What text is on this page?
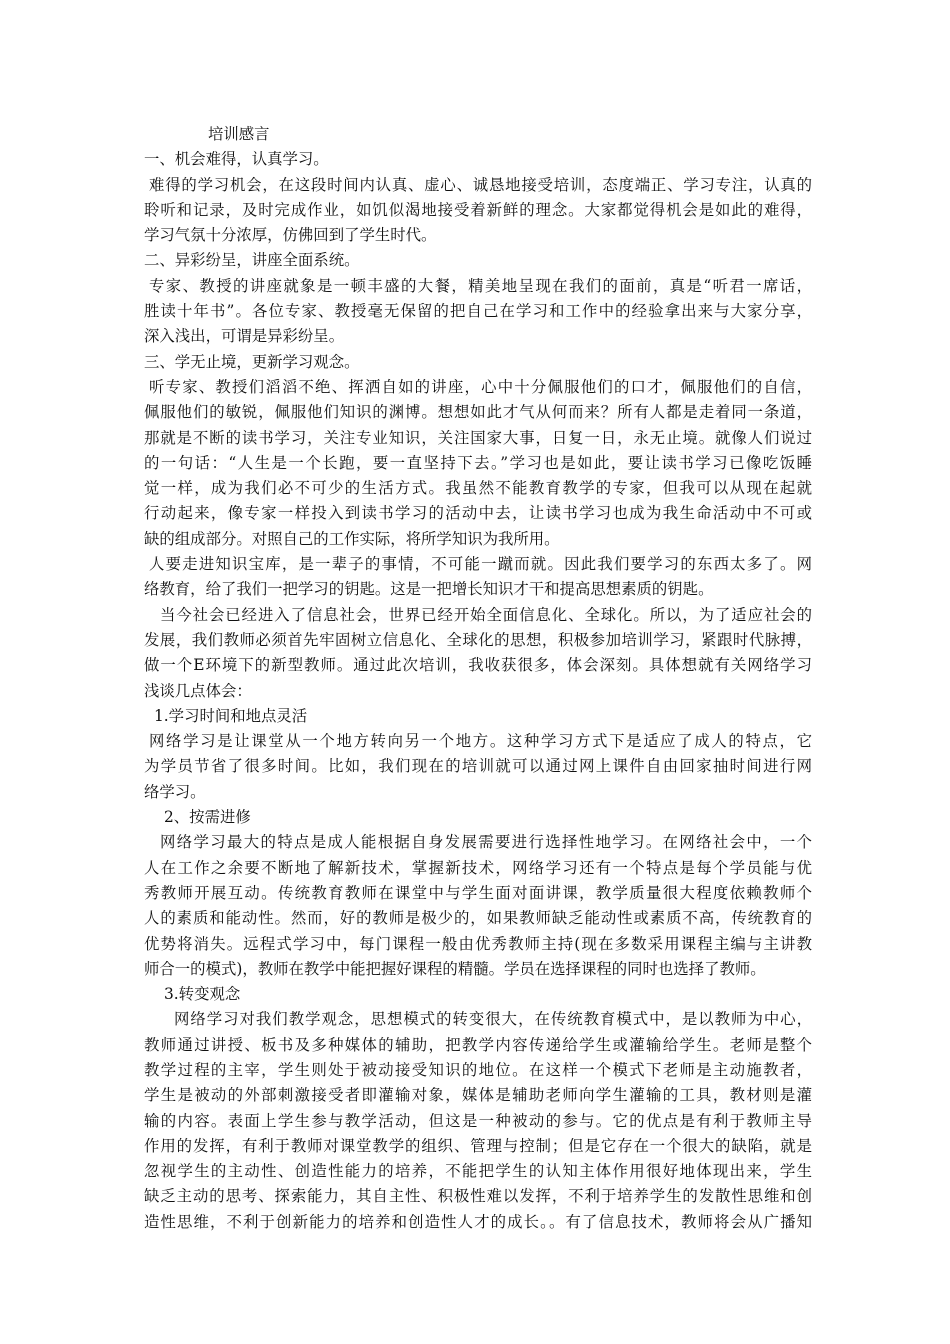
培训感言
一、机会难得，认真学习。
难得的学习机会，在这段时间内认真、虚心、诚恳地接受培训，态度端正、学习专注，认真的
聆听和记录，及时完成作业，如饥似渴地接受着新鲜的理念。大家都觉得机会是如此的难得，
学习气氛十分浓厚，仿佛回到了学生时代。
二、异彩纷呈，讲座全面系统。
专家、教授的讲座就象是一顿丰盛的大餐，精美地呈现在我们的面前，真是“听君一席话，
胜读十年书”。各位专家、教授毫无保留的把自己在学习和工作中的经验拿出来与大家分享，
深入浅出，可谓是异彩纷呈。
三、学无止境，更新学习观念。
听专家、教授们滔滔不绝、挥洒自如的讲座，心中十分佩服他们的口才，佩服他们的自信，
佩服他们的敏锐，佩服他们知识的渊博。想想如此才气从何而来？所有人都是走着同一条道，
那就是不断的读书学习，关注专业知识，关注国家大事，日复一日，永无止境。就像人们说过
的一句话：“人生是一个长跑，要一直坚持下去。”学习也是如此，要让读书学习已像吃饭睡
觉一样，成为我们必不可少的生活方式。我虽然不能教育教学的专家，但我可以从现在起就
行动起来，像专家一样投入到读书学习的活动中去，让读书学习也成为我生命活动中不可或
缺的组成部分。对照自己的工作实际，将所学知识为我所用。
人要走进知识宝库，是一辈子的事情，不可能一蹴而就。因此我们要学习的东西太多了。网
络教育，给了我们一把学习的钥匙。这是一把增长知识才干和提高思想素质的钥匙。
当今社会已经进入了信息社会，世界已经开始全面信息化、全球化。所以，为了适应社会的
发展，我们教师必须首先牢固树立信息化、全球化的思想，积极参加培训学习，紧跟时代脉搏，
做一个E环境下的新型教师。通过此次培训，我收获很多，体会深刻。具体想就有关网络学习
浅谈几点体会：
1.学习时间和地点灵活
网络学习是让课堂从一个地方转向另一个地方。这种学习方式下是适应了成人的特点，它
为学员节省了很多时间。比如，我们现在的培训就可以通过网上课件自由回家抽时间进行网
络学习。
2、按需进修
网络学习最大的特点是成人能根据自身发展需要进行选择性地学习。在网络社会中，一个
人在工作之余要不断地了解新技术，掌握新技术，网络学习还有一个特点是每个学员能与优
秀教师开展互动。传统教育教师在课堂中与学生面对面讲课，教学质量很大程度依赖教师个
人的素质和能动性。然而，好的教师是极少的，如果教师缺乏能动性或素质不高，传统教育的
优势将消失。远程式学习中，每门课程一般由优秀教师主持(现在多数采用课程主编与主讲教
师合一的模式)，教师在教学中能把握好课程的精髓。学员在选择课程的同时也选择了教师。
3.转变观念
网络学习对我们教学观念，思想模式的转变很大，在传统教育模式中，是以教师为中心，
教师通过讲授、板书及多种媒体的辅助，把教学内容传递给学生或灌输给学生。老师是整个
教学过程的主宰，学生则处于被动接受知识的地位。在这样一个模式下老师是主动施教者，
学生是被动的外部刺激接受者即灌输对象，媒体是辅助老师向学生灌输的工具，教材则是灌
输的内容。表面上学生参与教学活动，但这是一种被动的参与。它的优点是有利于教师主导
作用的发挥，有利于教师对课堂教学的组织、管理与控制；但是它存在一个很大的缺陷，就是
忽视学生的主动性、创造性能力的培养，不能把学生的认知主体作用很好地体现出来，学生
缺乏主动的思考、探索能力，其自主性、积极性难以发挥，不利于培养学生的发散性思维和创
造性思维，不利于创新能力的培养和创造性人才的成长。。有了信息技术，教师将会从广播知
